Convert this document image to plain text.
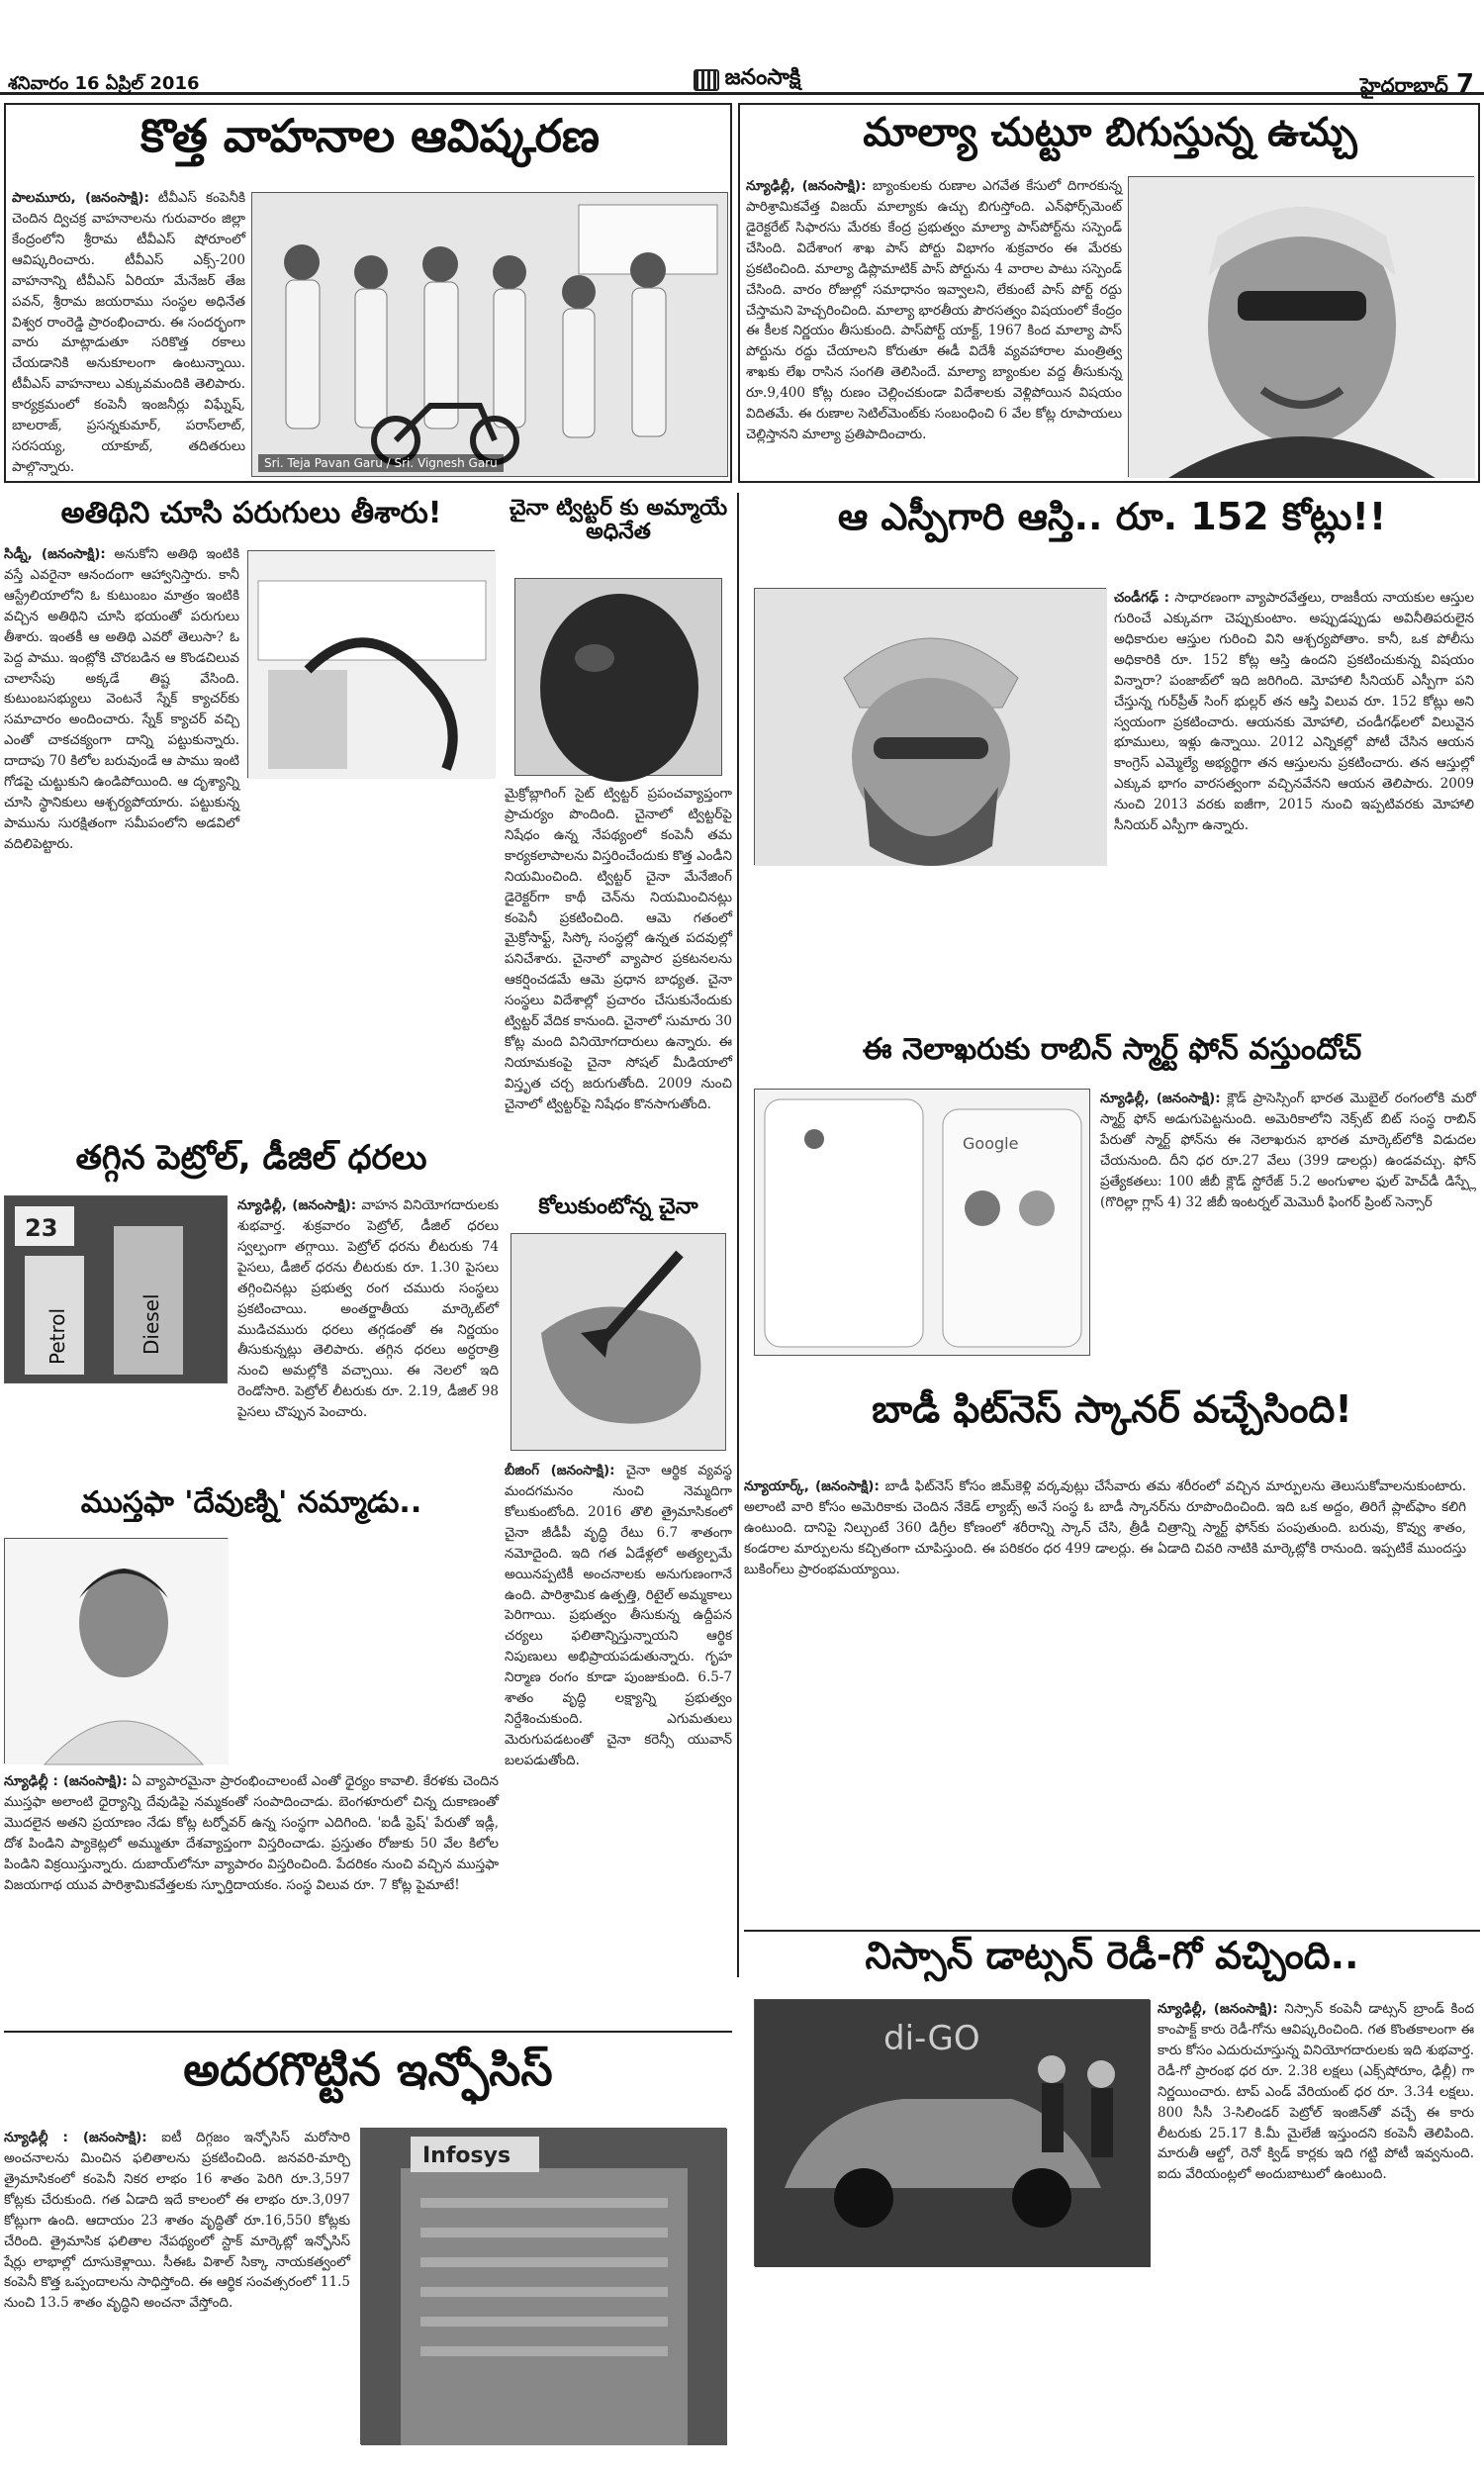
శనివారం 16 ఏప్రిల్ 2016	జనంసాక్షి	హైదరాబాద్ 7
కొత్త వాహనాల ఆవిష్కరణ
పాలమూరు, (జనంసాక్షి): టీవీఎస్ కంపెనీకి చెందిన ద్విచక్ర వాహనాలను గురువారం జిల్లా కేంద్రంలోని శ్రీరామ టీవీఎస్ షోరూంలో ఆవిష్కరించారు. టీవీఎస్ ఎక్స్-200 వాహనాన్ని టీవీఎస్ ఏరియా మేనేజర్ తేజ పవన్, శ్రీరామ జయరాము సంస్థల అధినేత విశ్వర రాంరెడ్డి ప్రారంభించారు. ఈ సందర్భంగా వారు మాట్లాడుతూ సరికొత్త రకాలు చేయడానికి అనుకూలంగా ఉంటున్నాయి. టీవీఎస్ వాహనాలు ఎక్కువమందికి తెలిపారు. కార్యక్రమంలో కంపెనీ ఇంజనీర్లు విఘ్నేష్, బాలరాజ్, ప్రసన్నకుమార్, పరాస్‌లాట్, సరసయ్య, యాకూబ్, తదితరులు పాల్గొన్నారు.	Sri. Teja Pavan Garu / Sri. Vignesh Garu
మాల్యా చుట్టూ బిగుస్తున్న ఉచ్చు
న్యూఢిల్లీ, (జనంసాక్షి): బ్యాంకులకు రుణాల ఎగవేత కేసులో దిగారకున్న పారిశ్రామికవేత్త విజయ్ మాల్యాకు ఉచ్చు బిగుస్తోంది. ఎన్‌ఫోర్స్‌మెంట్ డైరెక్టరేట్ సిఫారసు మేరకు కేంద్ర ప్రభుత్వం మాల్యా పాస్‌పోర్ట్‌ను సస్పెండ్ చేసింది. విదేశాంగ శాఖ పాస్ పోర్టు విభాగం శుక్రవారం ఈ మేరకు ప్రకటించింది. మాల్యా డిప్లొమాటిక్ పాస్ పోర్టును 4 వారాల పాటు సస్పెండ్ చేసింది. వారం రోజుల్లో సమాధానం ఇవ్వాలని, లేకుంటే పాస్ పోర్ట్ రద్దు చేస్తామని హెచ్చరించింది. మాల్యా భారతీయ పౌరసత్వం విషయంలో కేంద్రం ఈ కీలక నిర్ణయం తీసుకుంది. పాస్‌పోర్ట్ యాక్ట్, 1967 కింద మాల్యా పాస్ పోర్టును రద్దు చేయాలని కోరుతూ ఈడీ విదేశీ వ్యవహారాల మంత్రిత్వ శాఖకు లేఖ రాసిన సంగతి తెలిసిందే. మాల్యా బ్యాంకుల వద్ద తీసుకున్న రూ.9,400 కోట్ల రుణం చెల్లించకుండా విదేశాలకు వెళ్లిపోయిన విషయం విదితమే. ఈ రుణాల సెటిల్‌మెంట్‌కు సంబంధించి 6 వేల కోట్ల రూపాయలు చెల్లిస్తానని మాల్యా ప్రతిపాదించారు.
అతిథిని చూసి పరుగులు తీశారు!
సిడ్నీ, (జనంసాక్షి): అనుకోని అతిథి ఇంటికి వస్తే ఎవరైనా ఆనందంగా ఆహ్వానిస్తారు. కానీ ఆస్ట్రేలియాలోని ఓ కుటుంబం మాత్రం ఇంటికి వచ్చిన అతిథిని చూసి భయంతో పరుగులు తీశారు. ఇంతకీ ఆ అతిథి ఎవరో తెలుసా? ఓ పెద్ద పాము. ఇంట్లోకి చొరబడిన ఆ కొండచిలువ చాలాసేపు అక్కడే తిష్ట వేసింది. కుటుంబసభ్యులు వెంటనే స్నేక్ క్యాచర్‌కు సమాచారం అందించారు. స్నేక్ క్యాచర్ వచ్చి ఎంతో చాకచక్యంగా దాన్ని పట్టుకున్నారు. దాదాపు 70 కిలోల బరువుండే ఆ పాము ఇంటి గోడపై చుట్టుకుని ఉండిపోయింది. ఆ దృశ్యాన్ని చూసి స్థానికులు ఆశ్చర్యపోయారు. పట్టుకున్న పామును సురక్షితంగా సమీపంలోని అడవిలో వదిలిపెట్టారు.
చైనా ట్విట్టర్ కు అమ్మాయే అధినేత
మైక్రోబ్లాగింగ్ సైట్ ట్విట్టర్ ప్రపంచవ్యాప్తంగా ప్రాచుర్యం పొందింది. చైనాలో ట్విట్టర్‌పై నిషేధం ఉన్న నేపథ్యంలో కంపెనీ తమ కార్యకలాపాలను విస్తరించేందుకు కొత్త ఎండీని నియమించింది. ట్విట్టర్ చైనా మేనేజింగ్ డైరెక్టర్‌గా కాథీ చెన్‌ను నియమించినట్లు కంపెనీ ప్రకటించింది. ఆమె గతంలో మైక్రోసాఫ్ట్, సిస్కో సంస్థల్లో ఉన్నత పదవుల్లో పనిచేశారు. చైనాలో వ్యాపార ప్రకటనలను ఆకర్షించడమే ఆమె ప్రధాన బాధ్యత. చైనా సంస్థలు విదేశాల్లో ప్రచారం చేసుకునేందుకు ట్విట్టర్ వేదిక కానుంది. చైనాలో సుమారు 30 కోట్ల మంది వినియోగదారులు ఉన్నారు. ఈ నియామకంపై చైనా సోషల్ మీడియాలో విస్తృత చర్చ జరుగుతోంది. 2009 నుంచి చైనాలో ట్విట్టర్‌పై నిషేధం కొనసాగుతోంది.
తగ్గిన పెట్రోల్, డీజిల్ ధరలు
23
Petrol	Diesel
న్యూఢిల్లీ, (జనంసాక్షి): వాహన వినియోగదారులకు శుభవార్త. శుక్రవారం పెట్రోల్, డీజిల్ ధరలు స్వల్పంగా తగ్గాయి. పెట్రోల్ ధరను లీటరుకు 74 పైసలు, డీజిల్ ధరను లీటరుకు రూ. 1.30 పైసలు తగ్గించినట్లు ప్రభుత్వ రంగ చమురు సంస్థలు ప్రకటించాయి. అంతర్జాతీయ మార్కెట్‌లో ముడిచమురు ధరలు తగ్గడంతో ఈ నిర్ణయం తీసుకున్నట్లు తెలిపారు. తగ్గిన ధరలు అర్ధరాత్రి నుంచి అమల్లోకి వచ్చాయి. ఈ నెలలో ఇది రెండోసారి. పెట్రోల్ లీటరుకు రూ. 2.19, డీజిల్ 98 పైసలు చొప్పున పెంచారు.
కోలుకుంటోన్న చైనా
బీజింగ్ (జనంసాక్షి): చైనా ఆర్థిక వ్యవస్థ మందగమనం నుంచి నెమ్మదిగా కోలుకుంటోంది. 2016 తొలి త్రైమాసికంలో చైనా జీడీపీ వృద్ధి రేటు 6.7 శాతంగా నమోదైంది. ఇది గత ఏడేళ్లలో అత్యల్పమే అయినప్పటికీ అంచనాలకు అనుగుణంగానే ఉంది. పారిశ్రామిక ఉత్పత్తి, రిటైల్ అమ్మకాలు పెరిగాయి. ప్రభుత్వం తీసుకున్న ఉద్దీపన చర్యలు ఫలితాన్నిస్తున్నాయని ఆర్థిక నిపుణులు అభిప్రాయపడుతున్నారు. గృహ నిర్మాణ రంగం కూడా పుంజుకుంది. 6.5-7 శాతం వృద్ధి లక్ష్యాన్ని ప్రభుత్వం నిర్దేశించుకుంది. ఎగుమతులు మెరుగుపడటంతో చైనా కరెన్సీ యువాన్ బలపడుతోంది.
ముస్తఫా 'దేవుణ్ని' నమ్మాడు..
న్యూఢిల్లీ : (జనంసాక్షి): ఏ వ్యాపారమైనా ప్రారంభించాలంటే ఎంతో ధైర్యం కావాలి. కేరళకు చెందిన ముస్తఫా అలాంటి ధైర్యాన్ని దేవుడిపై నమ్మకంతో సంపాదించాడు. బెంగళూరులో చిన్న దుకాణంతో మొదలైన అతని ప్రయాణం నేడు కోట్ల టర్నోవర్ ఉన్న సంస్థగా ఎదిగింది. 'ఐడీ ఫ్రెష్' పేరుతో ఇడ్లీ, దోశ పిండిని ప్యాకెట్లలో అమ్ముతూ దేశవ్యాప్తంగా విస్తరించాడు. ప్రస్తుతం రోజుకు 50 వేల కిలోల పిండిని విక్రయిస్తున్నారు. దుబాయ్‌లోనూ వ్యాపారం విస్తరించింది. పేదరికం నుంచి వచ్చిన ముస్తఫా విజయగాథ యువ పారిశ్రామికవేత్తలకు స్ఫూర్తిదాయకం. సంస్థ విలువ రూ. 7 కోట్ల పైమాటే!
ఆ ఎస్పీగారి ఆస్తి.. రూ. 152 కోట్లు!!
చండీగఢ్ : సాధారణంగా వ్యాపారవేత్తలు, రాజకీయ నాయకుల ఆస్తుల గురించే ఎక్కువగా చెప్పుకుంటాం. అప్పుడప్పుడు అవినీతిపరులైన అధికారుల ఆస్తుల గురించి విని ఆశ్చర్యపోతాం. కానీ, ఒక పోలీసు అధికారికి రూ. 152 కోట్ల ఆస్తి ఉందని ప్రకటించుకున్న విషయం విన్నారా? పంజాబ్‌లో ఇది జరిగింది. మోహాలి సీనియర్ ఎస్పీగా పని చేస్తున్న గుర్‌ప్రీత్ సింగ్ భుల్లర్ తన ఆస్తి విలువ రూ. 152 కోట్లు అని స్వయంగా ప్రకటించారు. ఆయనకు మోహాలి, చండీగఢ్‌లలో విలువైన భూములు, ఇళ్లు ఉన్నాయి. 2012 ఎన్నికల్లో పోటీ చేసిన ఆయన కాంగ్రెస్ ఎమ్మెల్యే అభ్యర్థిగా తన ఆస్తులను ప్రకటించారు. తన ఆస్తుల్లో ఎక్కువ భాగం వారసత్వంగా వచ్చినవేనని ఆయన తెలిపారు. 2009 నుంచి 2013 వరకు ఐజీగా, 2015 నుంచి ఇప్పటివరకు మోహాలి సీనియర్ ఎస్పీగా ఉన్నారు.
ఈ నెలాఖరుకు రాబిన్ స్మార్ట్ ఫోన్ వస్తుందోచ్
Google
న్యూఢిల్లీ, (జనంసాక్షి): క్లౌడ్ ప్రాసెస్సింగ్ భారత మొబైల్ రంగంలోకి మరో స్మార్ట్ ఫోన్ అడుగుపెట్టనుంది. అమెరికాలోని నెక్స్‌ట్ బిట్ సంస్థ రాబిన్ పేరుతో స్మార్ట్ ఫోన్‌ను ఈ నెలాఖరున భారత మార్కెట్‌లోకి విడుదల చేయనుంది. దీని ధర రూ.27 వేలు (399 డాలర్లు) ఉండవచ్చు. ఫోన్ ప్రత్యేకతలు: 100 జీబీ క్లౌడ్ స్టోరేజ్ 5.2 అంగుళాల ఫుల్ హెచ్‌డీ డిస్ప్లే (గొరిల్లా గ్లాస్ 4) 32 జీబీ ఇంటర్నల్ మెమొరీ ఫింగర్ ప్రింట్ సెన్సార్
బాడీ ఫిట్‌నెస్ స్కానర్ వచ్చేసింది!
న్యూయార్క్, (జనంసాక్షి): బాడీ ఫిట్‌నెస్ కోసం జిమ్‌కెళ్లి వర్కవుట్లు చేసేవారు తమ శరీరంలో వచ్చిన మార్పులను తెలుసుకోవాలనుకుంటారు. అలాంటి వారి కోసం అమెరికాకు చెందిన నేకెడ్ ల్యాబ్స్ అనే సంస్థ ఓ బాడీ స్కానర్‌ను రూపొందించింది. ఇది ఒక అద్దం, తిరిగే ప్లాట్‌ఫాం కలిగి ఉంటుంది. దానిపై నిల్చుంటే 360 డిగ్రీల కోణంలో శరీరాన్ని స్కాన్ చేసి, త్రీడీ చిత్రాన్ని స్మార్ట్ ఫోన్‌కు పంపుతుంది. బరువు, కొవ్వు శాతం, కండరాల మార్పులను కచ్చితంగా చూపిస్తుంది. ఈ పరికరం ధర 499 డాలర్లు. ఈ ఏడాది చివరి నాటికి మార్కెట్లోకి రానుంది. ఇప్పటికే ముందస్తు బుకింగ్‌లు ప్రారంభమయ్యాయి.
నిస్సాన్ డాట్సన్ రెడీ-గో వచ్చింది..
di-GO
న్యూఢిల్లీ, (జనంసాక్షి): నిస్సాన్ కంపెనీ డాట్సన్ బ్రాండ్ కింద కాంపాక్ట్ కారు రెడీ-గోను ఆవిష్కరించింది. గత కొంతకాలంగా ఈ కారు కోసం ఎదురుచూస్తున్న వినియోగదారులకు ఇది శుభవార్త. రెడీ-గో ప్రారంభ ధర రూ. 2.38 లక్షలు (ఎక్స్‌షోరూం, ఢిల్లీ) గా నిర్ణయించారు. టాప్ ఎండ్ వేరియంట్ ధర రూ. 3.34 లక్షలు. 800 సీసీ 3-సిలిండర్ పెట్రోల్ ఇంజిన్‌తో వచ్చే ఈ కారు లీటరుకు 25.17 కి.మీ మైలేజీ ఇస్తుందని కంపెనీ తెలిపింది. మారుతీ ఆల్టో, రెనో క్విడ్ కార్లకు ఇది గట్టి పోటీ ఇవ్వనుంది. ఐదు వేరియంట్లలో అందుబాటులో ఉంటుంది.
అదరగొట్టిన ఇన్ఫోసిస్
న్యూఢిల్లీ : (జనంసాక్షి): ఐటీ దిగ్గజం ఇన్ఫోసిస్ మరోసారి అంచనాలను మించిన ఫలితాలను ప్రకటించింది. జనవరి-మార్చి త్రైమాసికంలో కంపెనీ నికర లాభం 16 శాతం పెరిగి రూ.3,597 కోట్లకు చేరుకుంది. గత ఏడాది ఇదే కాలంలో ఈ లాభం రూ.3,097 కోట్లుగా ఉంది. ఆదాయం 23 శాతం వృద్ధితో రూ.16,550 కోట్లకు చేరింది. త్రైమాసిక ఫలితాల నేపథ్యంలో స్టాక్ మార్కెట్లో ఇన్ఫోసిస్ షేర్లు లాభాల్లో దూసుకెళ్లాయి. సీఈఓ విశాల్ సిక్కా నాయకత్వంలో కంపెనీ కొత్త ఒప్పందాలను సాధిస్తోంది. ఈ ఆర్థిక సంవత్సరంలో 11.5 నుంచి 13.5 శాతం వృద్ధిని అంచనా వేస్తోంది.
Infosys
